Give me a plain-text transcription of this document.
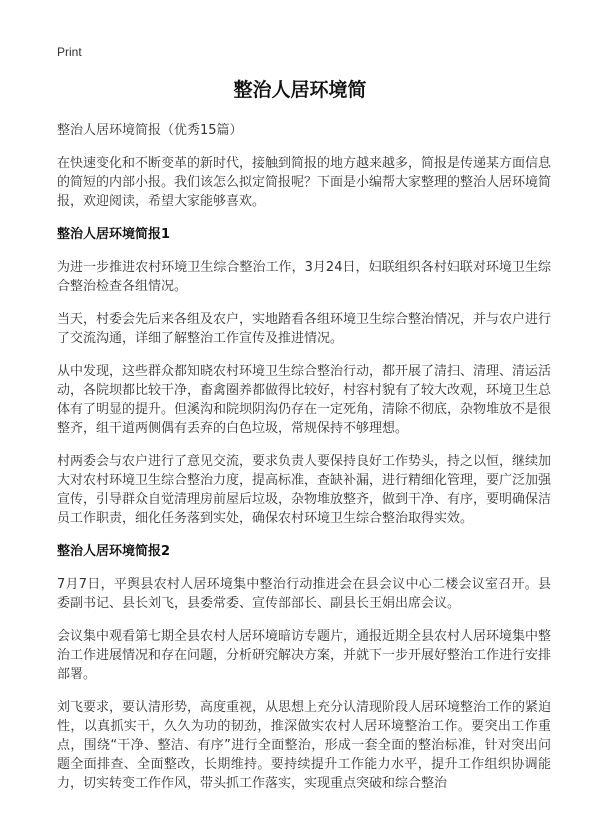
Print
整治人居环境简

整治人居环境简报（优秀15篇）

在快速变化和不断变革的新时代，接触到简报的地方越来越多，简报是传递某方面信息的简短的内部小报。我们该怎么拟定简报呢？下面是小编帮大家整理的整治人居环境简报，欢迎阅读，希望大家能够喜欢。

整治人居环境简报1

为进一步推进农村环境卫生综合整治工作，3月24日，妇联组织各村妇联对环境卫生综合整治检查各组情况。

当天，村委会先后来各组及农户，实地踏看各组环境卫生综合整治情况，并与农户进行了交流沟通，详细了解整治工作宣传及推进情况。

从中发现，这些群众都知晓农村环境卫生综合整治行动，都开展了清扫、清理、清运活动，各院坝都比较干净，畜禽圈养都做得比较好，村容村貌有了较大改观，环境卫生总体有了明显的提升。但溪沟和院坝阴沟仍存在一定死角，清除不彻底，杂物堆放不是很整齐，组干道两侧偶有丢弃的白色垃圾，常规保持不够理想。

村两委会与农户进行了意见交流，要求负责人要保持良好工作势头，持之以恒，继续加大对农村环境卫生综合整治力度，提高标准，查缺补漏，进行精细化管理，要广泛加强宣传，引导群众自觉清理房前屋后垃圾，杂物堆放整齐，做到干净、有序，要明确保洁员工作职责，细化任务落到实处，确保农村环境卫生综合整治取得实效。

整治人居环境简报2

7月7日，平舆县农村人居环境集中整治行动推进会在县会议中心二楼会议室召开。县委副书记、县长刘飞，县委常委、宣传部部长、副县长王娟出席会议。

会议集中观看第七期全县农村人居环境暗访专题片，通报近期全县农村人居环境集中整治工作进展情况和存在问题，分析研究解决方案，并就下一步开展好整治工作进行安排部署。

刘飞要求，要认清形势，高度重视，从思想上充分认清现阶段人居环境整治工作的紧迫性，以真抓实干，久久为功的韧劲，推深做实农村人居环境整治工作。要突出工作重点，围绕“干净、整洁、有序”进行全面整治，形成一套全面的整治标准，针对突出问题全面排查、全面整改，长期维持。要持续提升工作能力水平，提升工作组织协调能力，切实转变工作作风，带头抓工作落实，实现重点突破和综合整治
